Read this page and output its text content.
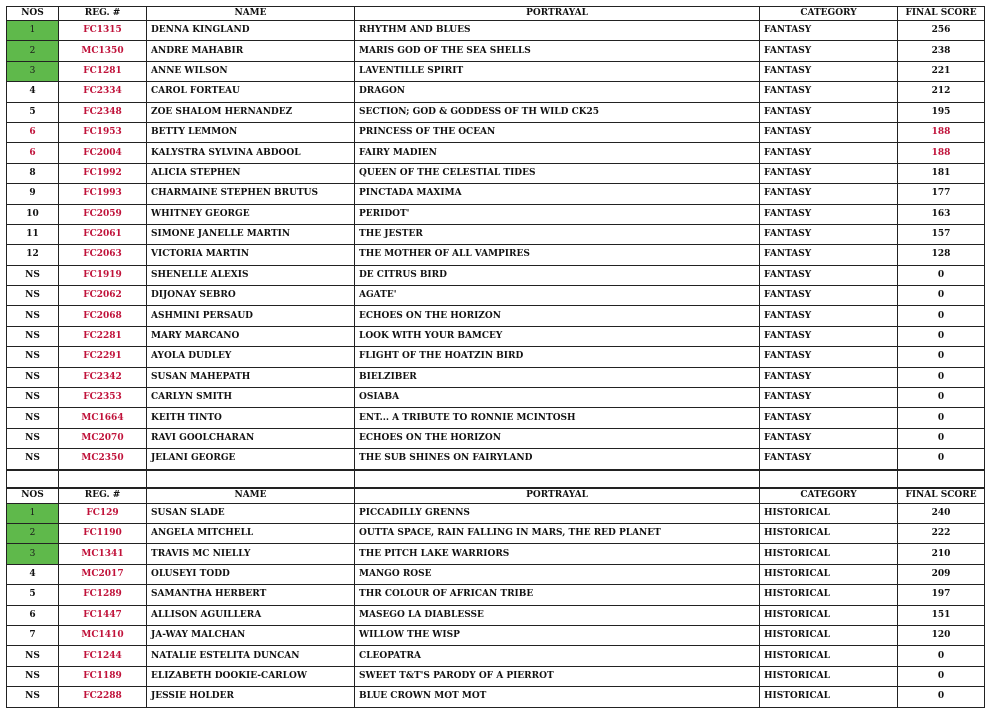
NOS	REG. #	NAME	PORTRAYAL	CATEGORY	FINAL SCORE
1	FC1315	DENNA KINGLAND	RHYTHM AND BLUES	FANTASY	256
2	MC1350	ANDRE MAHABIR	MARIS GOD OF THE SEA SHELLS	FANTASY	238
3	FC1281	ANNE WILSON	LAVENTILLE SPIRIT	FANTASY	221
4	FC2334	CAROL FORTEAU	DRAGON	FANTASY	212
5	FC2348	ZOE SHALOM HERNANDEZ	SECTION; GOD & GODDESS OF TH WILD CK25	FANTASY	195
6	FC1953	BETTY LEMMON	PRINCESS OF THE OCEAN	FANTASY	188
6	FC2004	KALYSTRA SYLVINA ABDOOL	FAIRY MADIEN	FANTASY	188
8	FC1992	ALICIA STEPHEN	QUEEN OF THE CELESTIAL TIDES	FANTASY	181
9	FC1993	CHARMAINE STEPHEN BRUTUS	PINCTADA MAXIMA	FANTASY	177
10	FC2059	WHITNEY GEORGE	PERIDOT'	FANTASY	163
11	FC2061	SIMONE JANELLE MARTIN	THE JESTER	FANTASY	157
12	FC2063	VICTORIA MARTIN	THE MOTHER OF ALL VAMPIRES	FANTASY	128
NS	FC1919	SHENELLE ALEXIS	DE CITRUS BIRD	FANTASY	0
NS	FC2062	DIJONAY SEBRO	AGATE'	FANTASY	0
NS	FC2068	ASHMINI PERSAUD	ECHOES ON THE HORIZON	FANTASY	0
NS	FC2281	MARY MARCANO	LOOK WITH YOUR BAMCEY	FANTASY	0
NS	FC2291	AYOLA DUDLEY	FLIGHT OF THE HOATZIN BIRD	FANTASY	0
NS	FC2342	SUSAN MAHEPATH	BIELZIBER	FANTASY	0
NS	FC2353	CARLYN SMITH	OSIABA	FANTASY	0
NS	MC1664	KEITH TINTO	ENT... A TRIBUTE TO RONNIE MCINTOSH	FANTASY	0
NS	MC2070	RAVI GOOLCHARAN	ECHOES ON THE HORIZON	FANTASY	0
NS	MC2350	JELANI GEORGE	THE SUB SHINES ON FAIRYLAND	FANTASY	0

NOS	REG. #	NAME	PORTRAYAL	CATEGORY	FINAL SCORE
1	FC129	SUSAN SLADE	PICCADILLY GRENNS	HISTORICAL	240
2	FC1190	ANGELA MITCHELL	OUTTA SPACE, RAIN FALLING IN MARS, THE RED PLANET	HISTORICAL	222
3	MC1341	TRAVIS MC NIELLY	THE PITCH LAKE WARRIORS	HISTORICAL	210
4	MC2017	OLUSEYI TODD	MANGO ROSE	HISTORICAL	209
5	FC1289	SAMANTHA HERBERT	THR COLOUR OF AFRICAN TRIBE	HISTORICAL	197
6	FC1447	ALLISON AGUILLERA	MASEGO LA DIABLESSE	HISTORICAL	151
7	MC1410	JA-WAY MALCHAN	WILLOW THE WISP	HISTORICAL	120
NS	FC1244	NATALIE ESTELITA DUNCAN	CLEOPATRA	HISTORICAL	0
NS	FC1189	ELIZABETH DOOKIE-CARLOW	SWEET T&T'S PARODY OF A PIERROT	HISTORICAL	0
NS	FC2288	JESSIE HOLDER	BLUE CROWN MOT MOT	HISTORICAL	0
